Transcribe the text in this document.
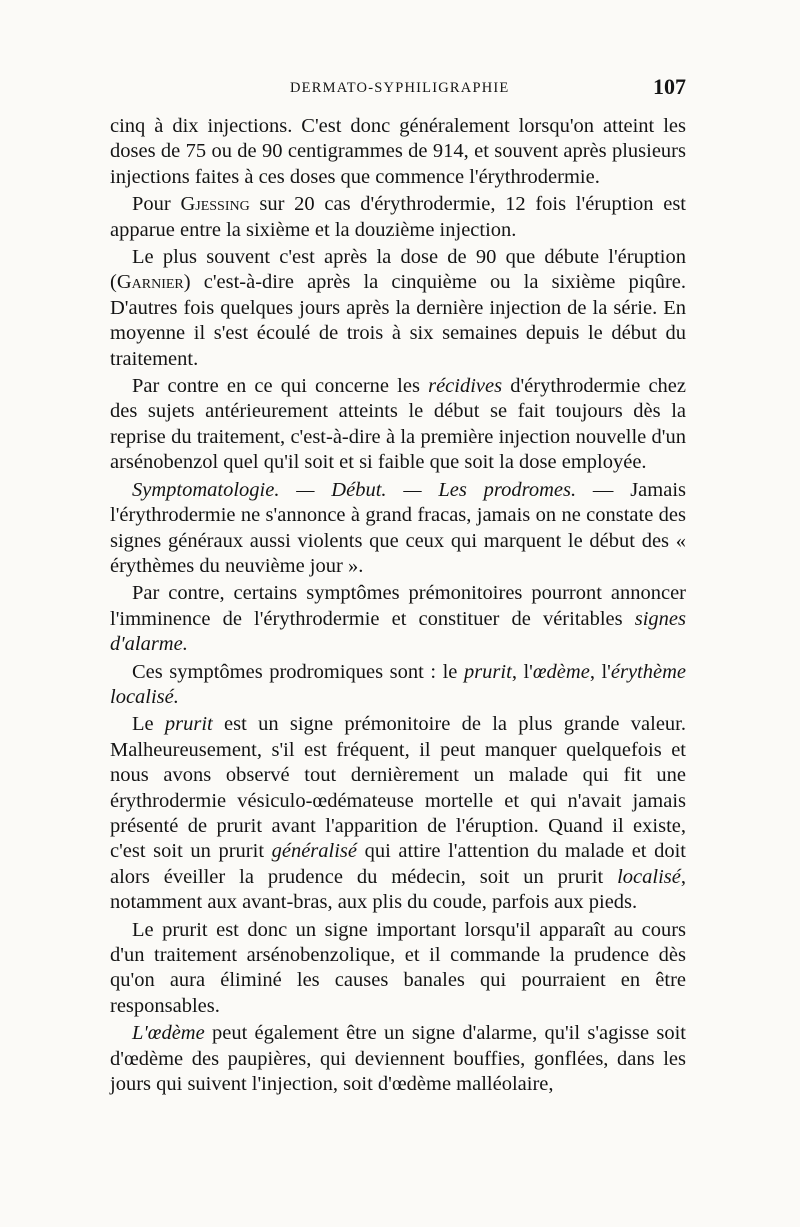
DERMATO-SYPHILIGRAPHIE	107

cinq à dix injections. C'est donc généralement lorsqu'on atteint les doses de 75 ou de 90 centigrammes de 914, et souvent après plusieurs injections faites à ces doses que commence l'érythrodermie.

Pour Gjessing sur 20 cas d'érythrodermie, 12 fois l'éruption est apparue entre la sixième et la douzième injection.

Le plus souvent c'est après la dose de 90 que débute l'éruption (Garnier) c'est-à-dire après la cinquième ou la sixième piqûre. D'autres fois quelques jours après la dernière injection de la série. En moyenne il s'est écoulé de trois à six semaines depuis le début du traitement.

Par contre en ce qui concerne les récidives d'érythrodermie chez des sujets antérieurement atteints le début se fait toujours dès la reprise du traitement, c'est-à-dire à la première injection nouvelle d'un arsénobenzol quel qu'il soit et si faible que soit la dose employée.

Symptomatologie. — Début. — Les prodromes. — Jamais l'érythrodermie ne s'annonce à grand fracas, jamais on ne constate des signes généraux aussi violents que ceux qui marquent le début des « érythèmes du neuvième jour ».

Par contre, certains symptômes prémonitoires pourront annoncer l'imminence de l'érythrodermie et constituer de véritables signes d'alarme.

Ces symptômes prodromiques sont : le prurit, l'œdème, l'érythème localisé.

Le prurit est un signe prémonitoire de la plus grande valeur. Malheureusement, s'il est fréquent, il peut manquer quelquefois et nous avons observé tout dernièrement un malade qui fit une érythrodermie vésiculo-œdémateuse mortelle et qui n'avait jamais présenté de prurit avant l'apparition de l'éruption. Quand il existe, c'est soit un prurit généralisé qui attire l'attention du malade et doit alors éveiller la prudence du médecin, soit un prurit localisé, notamment aux avant-bras, aux plis du coude, parfois aux pieds.

Le prurit est donc un signe important lorsqu'il apparaît au cours d'un traitement arsénobenzolique, et il commande la prudence dès qu'on aura éliminé les causes banales qui pourraient en être responsables.

L'œdème peut également être un signe d'alarme, qu'il s'agisse soit d'œdème des paupières, qui deviennent bouffies, gonflées, dans les jours qui suivent l'injection, soit d'œdème malléolaire,
